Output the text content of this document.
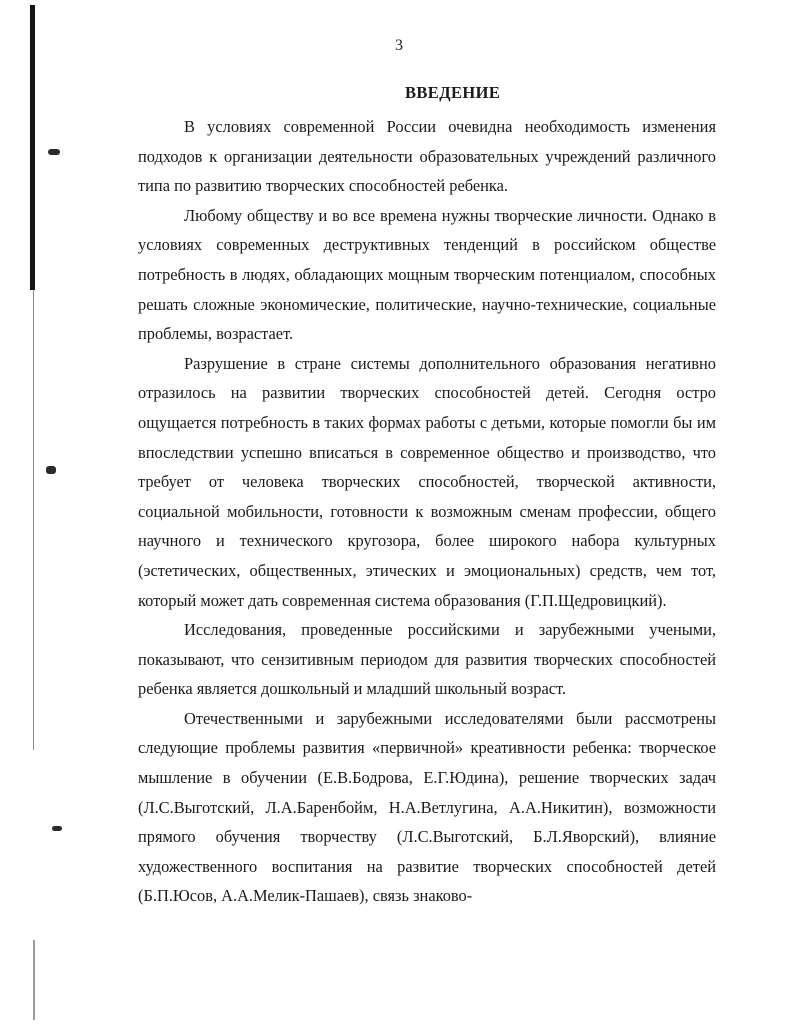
3
ВВЕДЕНИЕ

В условиях современной России очевидна необходимость изменения подходов к организации деятельности образовательных учреждений различного типа по развитию творческих способностей ребенка.

Любому обществу и во все времена нужны творческие личности. Однако в условиях современных деструктивных тенденций в российском обществе потребность в людях, обладающих мощным творческим потенциалом, способных решать сложные экономические, политические, научно-технические, социальные проблемы, возрастает.

Разрушение в стране системы дополнительного образования негативно отразилось на развитии творческих способностей детей. Сегодня остро ощущается потребность в таких формах работы с детьми, которые помогли бы им впоследствии успешно вписаться в современное общество и производство, что требует от человека творческих способностей, творческой активности, социальной мобильности, готовности к возможным сменам профессии, общего научного и технического кругозора, более широкого набора культурных (эстетических, общественных, этических и эмоциональных) средств, чем тот, который может дать современная система образования (Г.П.Щедровицкий).

Исследования, проведенные российскими и зарубежными учеными, показывают, что сензитивным периодом для развития творческих способностей ребенка является дошкольный и младший школьный возраст.

Отечественными и зарубежными исследователями были рассмотрены следующие проблемы развития «первичной» креативности ребенка: творческое мышление в обучении (Е.В.Бодрова, Е.Г.Юдина), решение творческих задач (Л.С.Выготский, Л.А.Баренбойм, Н.А.Ветлугина, А.А.Никитин), возможности прямого обучения творчеству (Л.С.Выготский, Б.Л.Яворский), влияние художественного воспитания на развитие творческих способностей детей (Б.П.Юсов, А.А.Мелик-Пашаев), связь знаково-
